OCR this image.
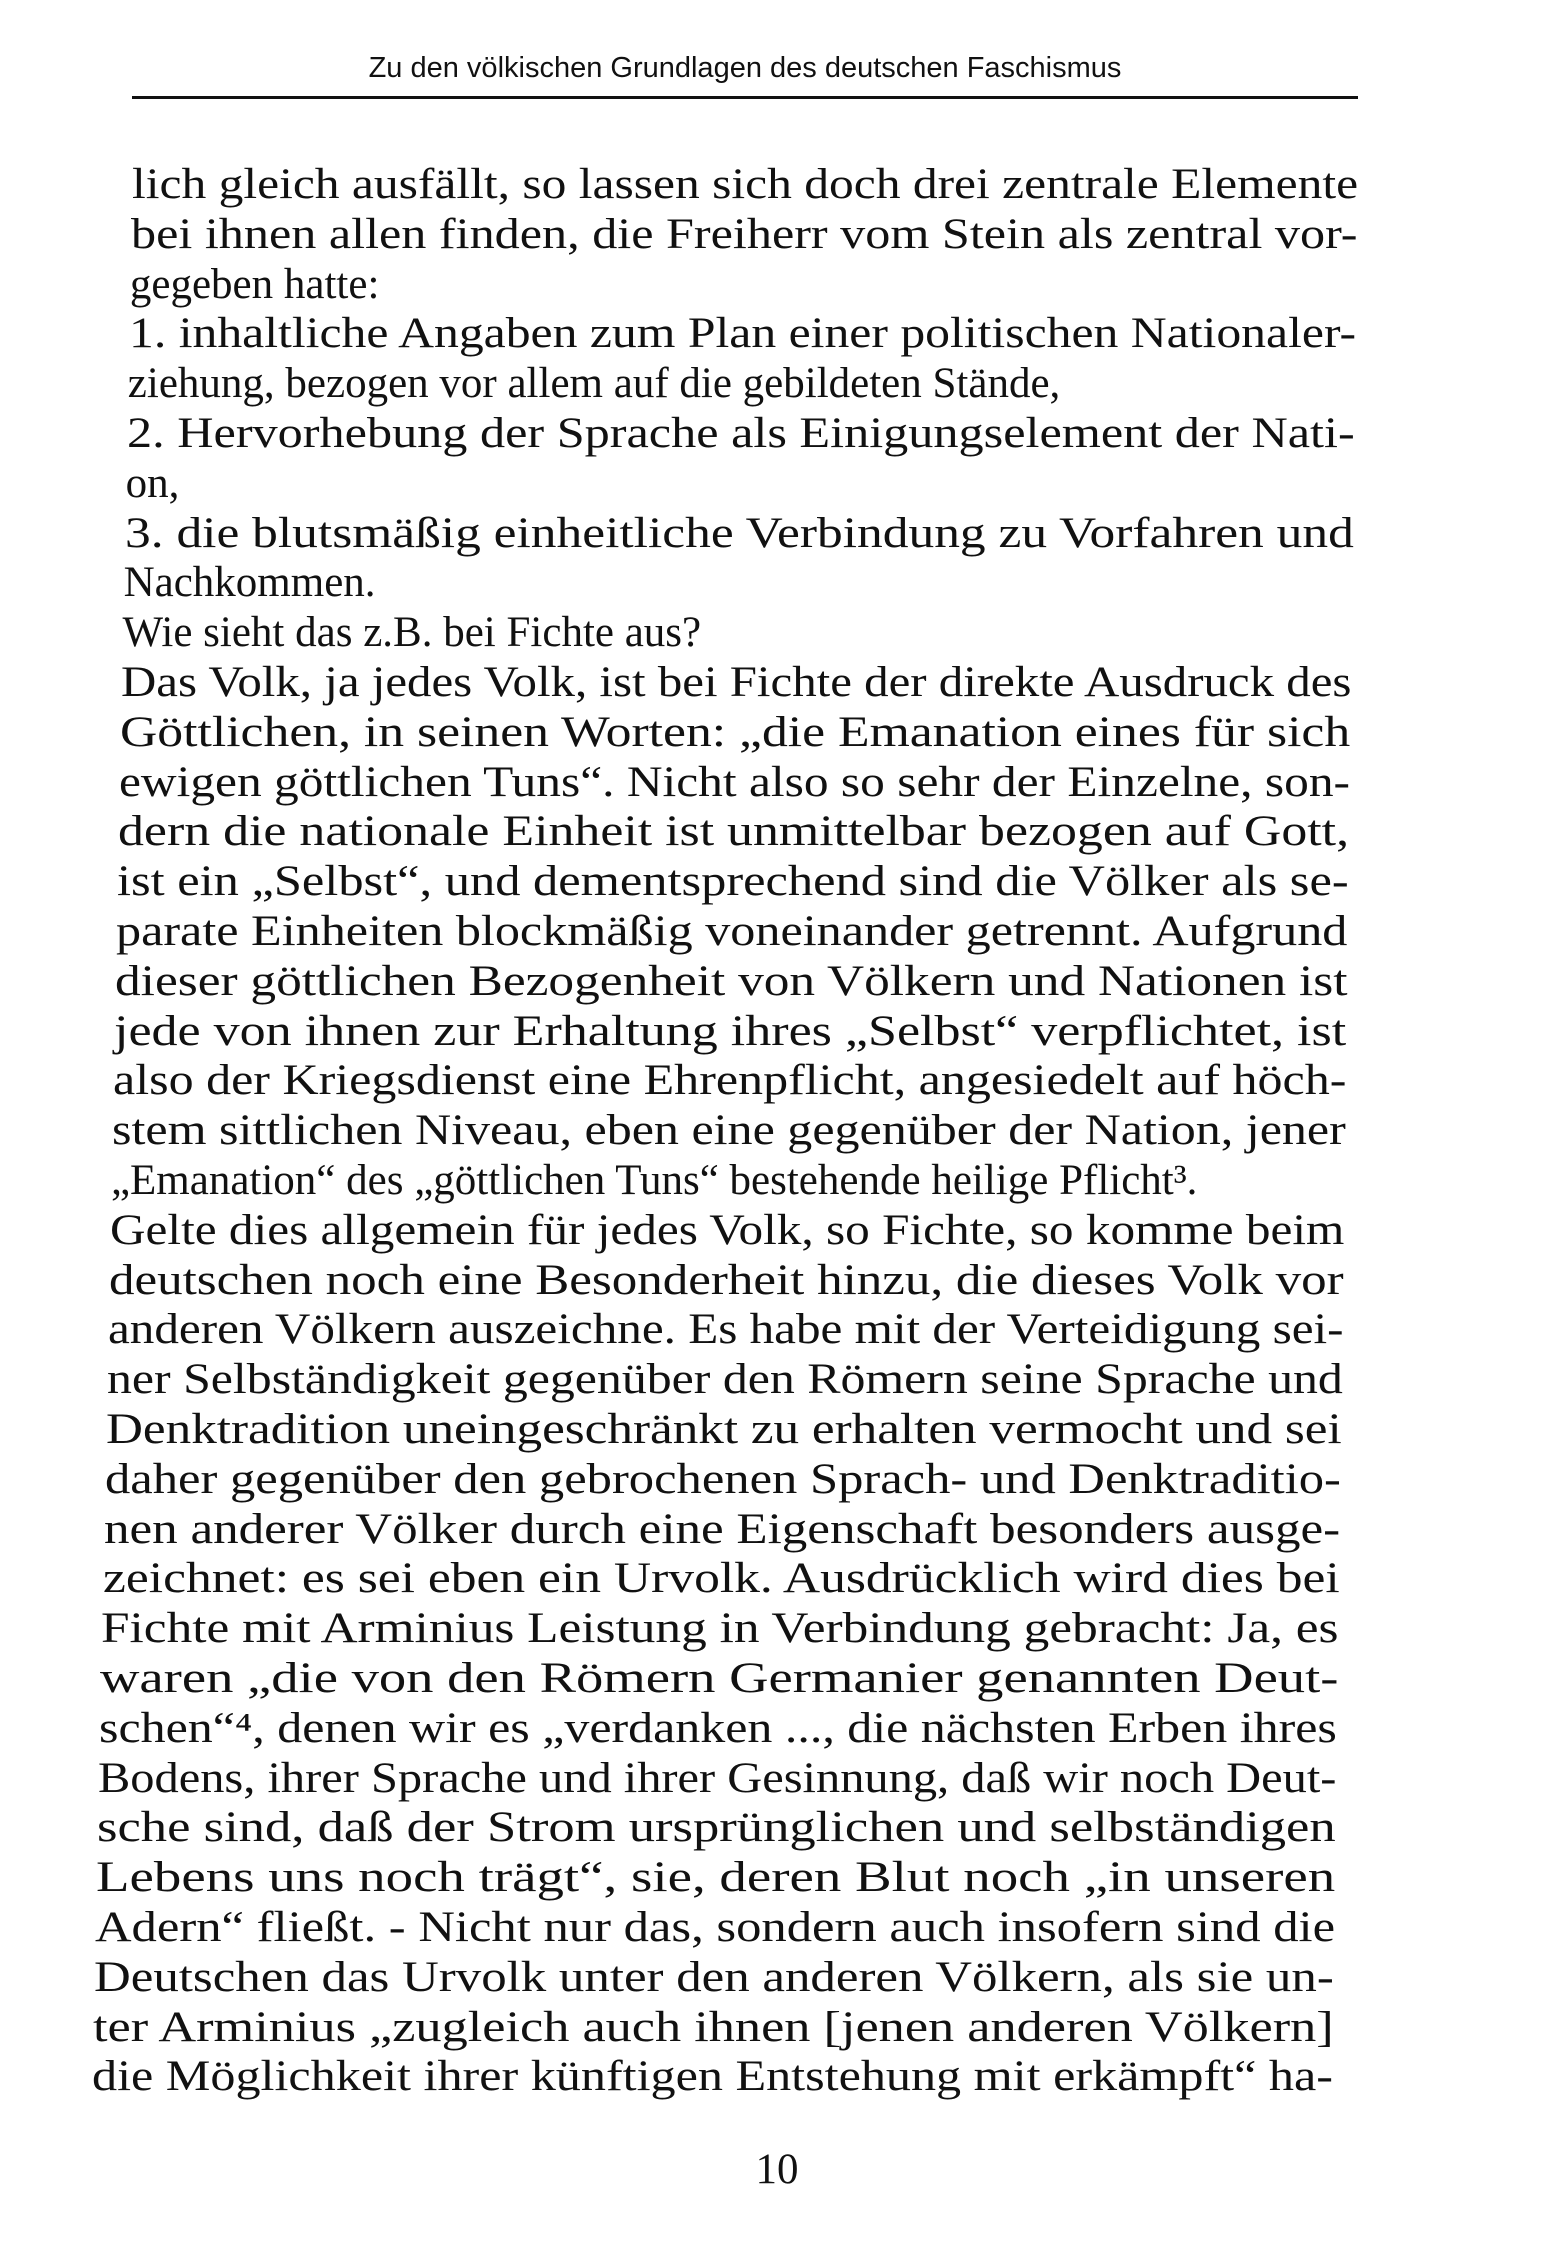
Zu den völkischen Grundlagen des deutschen Faschismus
lich gleich ausfällt, so lassen sich doch drei zentrale Elemente
bei ihnen allen finden, die Freiherr vom Stein als zentral vor-
gegeben hatte:
1. inhaltliche Angaben zum Plan einer politischen Nationaler-
ziehung, bezogen vor allem auf die gebildeten Stände,
2. Hervorhebung der Sprache als Einigungselement der Nati-
on,
3. die blutsmäßig einheitliche Verbindung zu Vorfahren und
Nachkommen.
Wie sieht das z.B. bei Fichte aus?
Das Volk, ja jedes Volk, ist bei Fichte der direkte Ausdruck des
Göttlichen, in seinen Worten: „die Emanation eines für sich
ewigen göttlichen Tuns“. Nicht also so sehr der Einzelne, son-
dern die nationale Einheit ist unmittelbar bezogen auf Gott,
ist ein „Selbst“, und dementsprechend sind die Völker als se-
parate Einheiten blockmäßig voneinander getrennt. Aufgrund
dieser göttlichen Bezogenheit von Völkern und Nationen ist
jede von ihnen zur Erhaltung ihres „Selbst“ verpflichtet, ist
also der Kriegsdienst eine Ehrenpflicht, angesiedelt auf höch-
stem sittlichen Niveau, eben eine gegenüber der Nation, jener
„Emanation“ des „göttlichen Tuns“ bestehende heilige Pflicht³.
Gelte dies allgemein für jedes Volk, so Fichte, so komme beim
deutschen noch eine Besonderheit hinzu, die dieses Volk vor
anderen Völkern auszeichne. Es habe mit der Verteidigung sei-
ner Selbständigkeit gegenüber den Römern seine Sprache und
Denktradition uneingeschränkt zu erhalten vermocht und sei
daher gegenüber den gebrochenen Sprach- und Denktraditio-
nen anderer Völker durch eine Eigenschaft besonders ausge-
zeichnet: es sei eben ein Urvolk. Ausdrücklich wird dies bei
Fichte mit Arminius Leistung in Verbindung gebracht: Ja, es
waren „die von den Römern Germanier genannten Deut-
schen“⁴, denen wir es „verdanken ..., die nächsten Erben ihres
Bodens, ihrer Sprache und ihrer Gesinnung, daß wir noch Deut-
sche sind, daß der Strom ursprünglichen und selbständigen
Lebens uns noch trägt“, sie, deren Blut noch „in unseren
Adern“ fließt. - Nicht nur das, sondern auch insofern sind die
Deutschen das Urvolk unter den anderen Völkern, als sie un-
ter Arminius „zugleich auch ihnen [jenen anderen Völkern]
die Möglichkeit ihrer künftigen Entstehung mit erkämpft“ ha-
10
